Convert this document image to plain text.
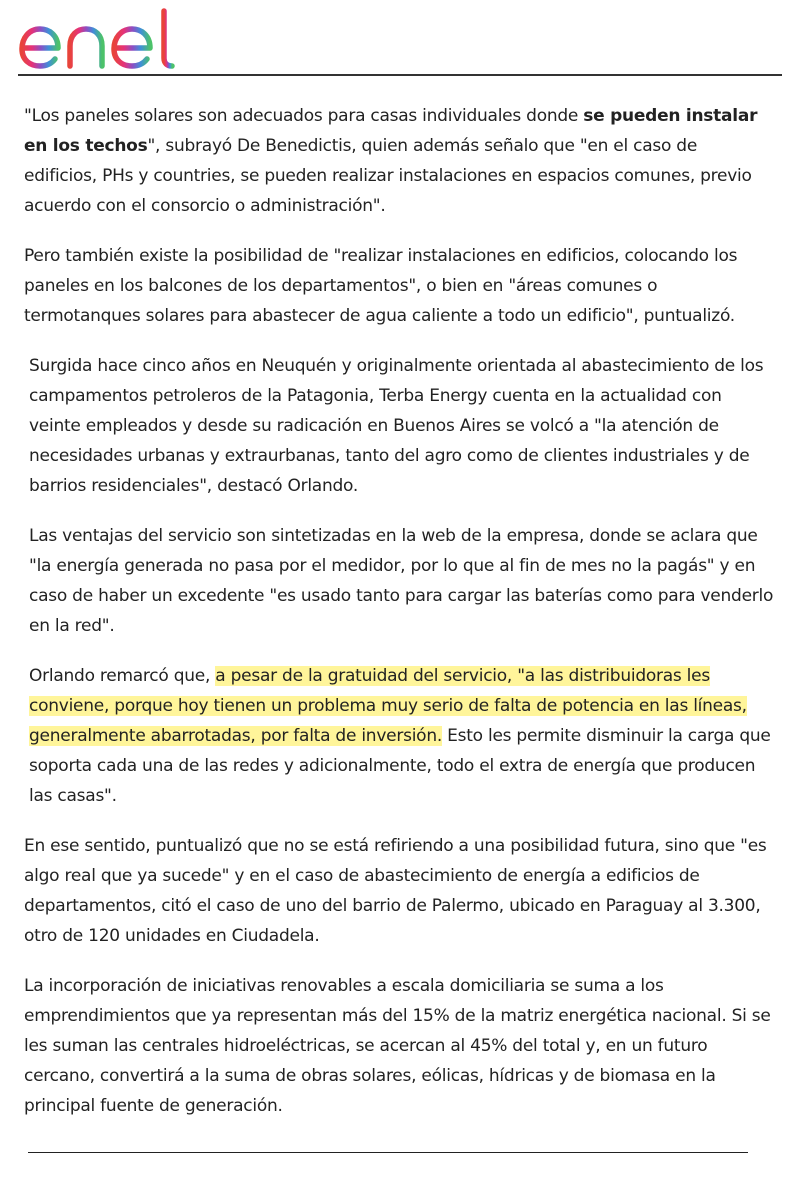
"Los paneles solares son adecuados para casas individuales donde se pueden instalar en los techos", subrayó De Benedictis, quien además señalo que "en el caso de edificios, PHs y countries, se pueden realizar instalaciones en espacios comunes, previo acuerdo con el consorcio o administración".

Pero también existe la posibilidad de "realizar instalaciones en edificios, colocando los paneles en los balcones de los departamentos", o bien en "áreas comunes o termotanques solares para abastecer de agua caliente a todo un edificio", puntualizó.

Surgida hace cinco años en Neuquén y originalmente orientada al abastecimiento de los campamentos petroleros de la Patagonia, Terba Energy cuenta en la actualidad con veinte empleados y desde su radicación en Buenos Aires se volcó a "la atención de necesidades urbanas y extraurbanas, tanto del agro como de clientes industriales y de barrios residenciales", destacó Orlando.

Las ventajas del servicio son sintetizadas en la web de la empresa, donde se aclara que "la energía generada no pasa por el medidor, por lo que al fin de mes no la pagás" y en caso de haber un excedente "es usado tanto para cargar las baterías como para venderlo en la red".

Orlando remarcó que, a pesar de la gratuidad del servicio, "a las distribuidoras les conviene, porque hoy tienen un problema muy serio de falta de potencia en las líneas, generalmente abarrotadas, por falta de inversión. Esto les permite disminuir la carga que soporta cada una de las redes y adicionalmente, todo el extra de energía que producen las casas".

En ese sentido, puntualizó que no se está refiriendo a una posibilidad futura, sino que "es algo real que ya sucede" y en el caso de abastecimiento de energía a edificios de departamentos, citó el caso de uno del barrio de Palermo, ubicado en Paraguay al 3.300, otro de 120 unidades en Ciudadela.

La incorporación de iniciativas renovables a escala domiciliaria se suma a los emprendimientos que ya representan más del 15% de la matriz energética nacional. Si se les suman las centrales hidroeléctricas, se acercan al 45% del total y, en un futuro cercano, convertirá a la suma de obras solares, eólicas, hídricas y de biomasa en la principal fuente de generación.
